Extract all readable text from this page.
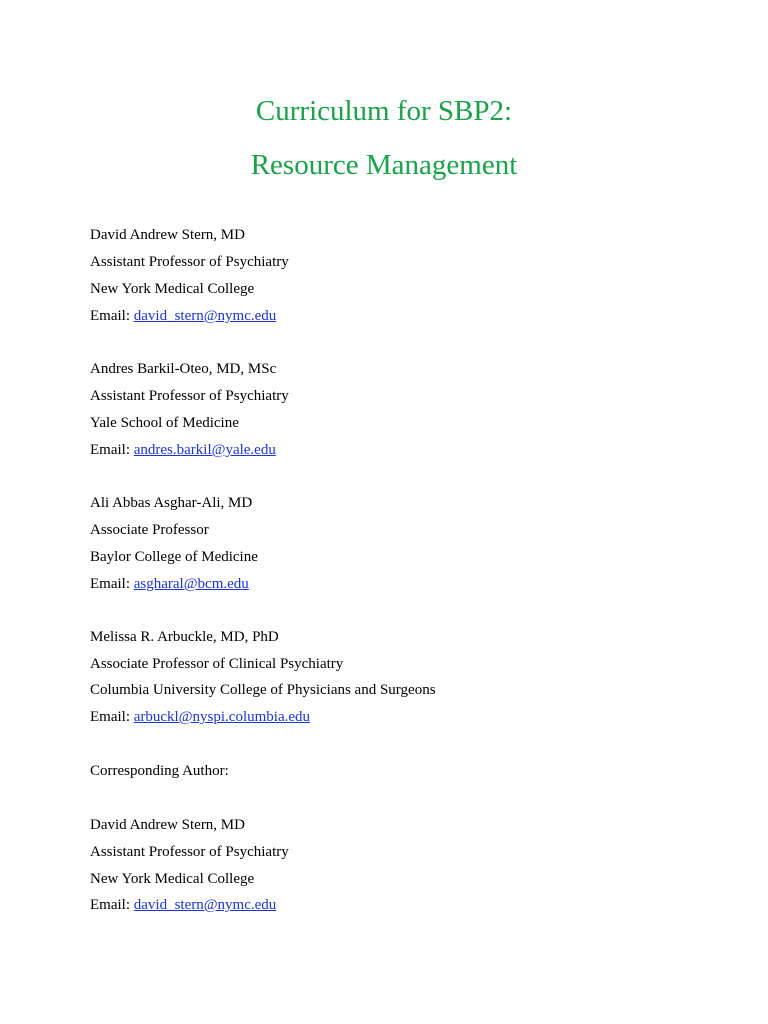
Curriculum for SBP2:
Resource Management
David Andrew Stern, MD
Assistant Professor of Psychiatry
New York Medical College
Email: david_stern@nymc.edu
Andres Barkil-Oteo, MD, MSc
Assistant Professor of Psychiatry
Yale School of Medicine
Email: andres.barkil@yale.edu
Ali Abbas Asghar-Ali, MD
Associate Professor
Baylor College of Medicine
Email: asgharal@bcm.edu
Melissa R. Arbuckle, MD, PhD
Associate Professor of Clinical Psychiatry
Columbia University College of Physicians and Surgeons
Email: arbuckl@nyspi.columbia.edu
Corresponding Author:
David Andrew Stern, MD
Assistant Professor of Psychiatry
New York Medical College
Email: david_stern@nymc.edu
